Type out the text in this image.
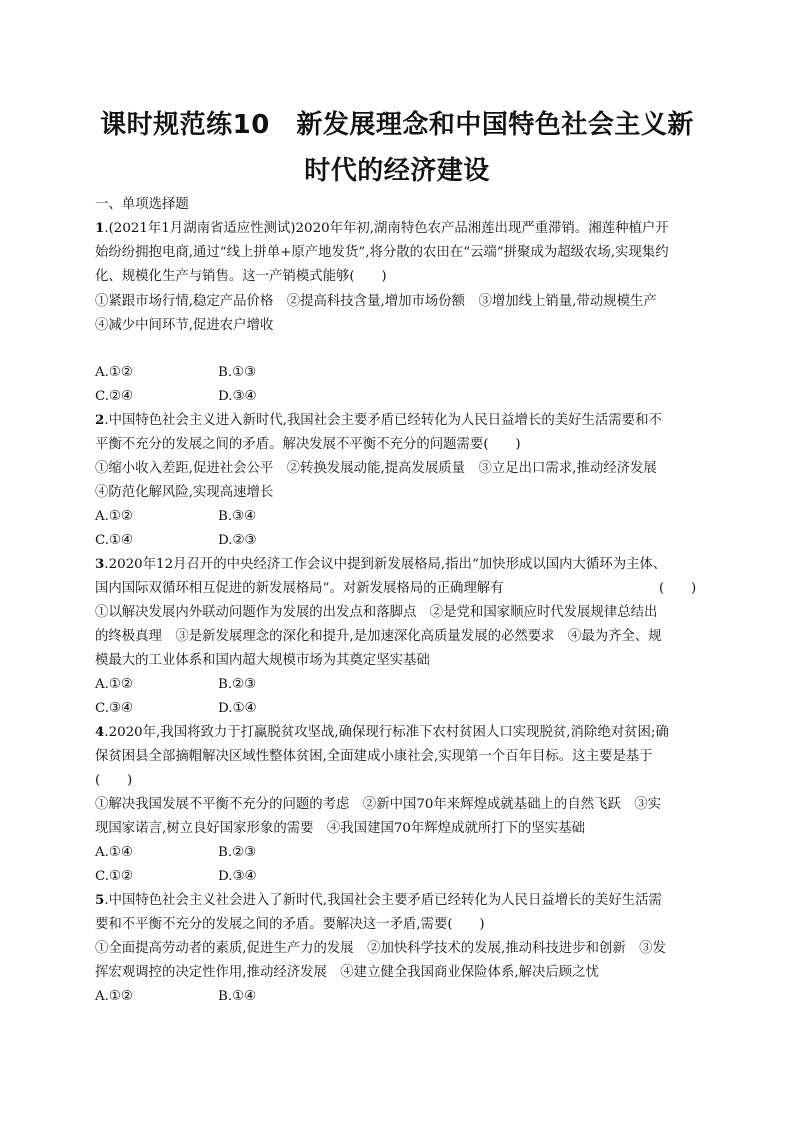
课时规范练10　新发展理念和中国特色社会主义新
时代的经济建设
一、单项选择题
1.(2021年1月湖南省适应性测试)2020年年初,湖南特色农产品湘莲出现严重滞销。湘莲种植户开
始纷纷拥抱电商,通过“线上拼单+原产地发货”,将分散的农田在“云端”拼聚成为超级农场,实现集约
化、规模化生产与销售。这一产销模式能够(　　)
①紧跟市场行情,稳定产品价格　②提高科技含量,增加市场份额　③增加线上销量,带动规模生产
④减少中间环节,促进农户增收
A.①②	B.①③
C.②④	D.③④
2.中国特色社会主义进入新时代,我国社会主要矛盾已经转化为人民日益增长的美好生活需要和不
平衡不充分的发展之间的矛盾。解决发展不平衡不充分的问题需要(　　)
①缩小收入差距,促进社会公平　②转换发展动能,提高发展质量　③立足出口需求,推动经济发展
④防范化解风险,实现高速增长
A.①②	B.③④
C.①④	D.②③
3.2020年12月召开的中央经济工作会议中提到新发展格局,指出“加快形成以国内大循环为主体、
国内国际双循环相互促进的新发展格局”。对新发展格局的正确理解有	(　　)
①以解决发展内外联动问题作为发展的出发点和落脚点　②是党和国家顺应时代发展规律总结出
的终极真理　③是新发展理念的深化和提升,是加速深化高质量发展的必然要求　④最为齐全、规
模最大的工业体系和国内超大规模市场为其奠定坚实基础
A.①②	B.②③
C.③④	D.①④
4.2020年,我国将致力于打赢脱贫攻坚战,确保现行标准下农村贫困人口实现脱贫,消除绝对贫困;确
保贫困县全部摘帽解决区域性整体贫困,全面建成小康社会,实现第一个百年目标。这主要是基于
(　　)
①解决我国发展不平衡不充分的问题的考虑　②新中国70年来辉煌成就基础上的自然飞跃　③实
现国家诺言,树立良好国家形象的需要　④我国建国70年辉煌成就所打下的坚实基础
A.①④	B.②③
C.①②	D.③④
5.中国特色社会主义社会进入了新时代,我国社会主要矛盾已经转化为人民日益增长的美好生活需
要和不平衡不充分的发展之间的矛盾。要解决这一矛盾,需要(　　)
①全面提高劳动者的素质,促进生产力的发展　②加快科学技术的发展,推动科技进步和创新　③发
挥宏观调控的决定性作用,推动经济发展　④建立健全我国商业保险体系,解决后顾之忧
A.①②	B.①④
